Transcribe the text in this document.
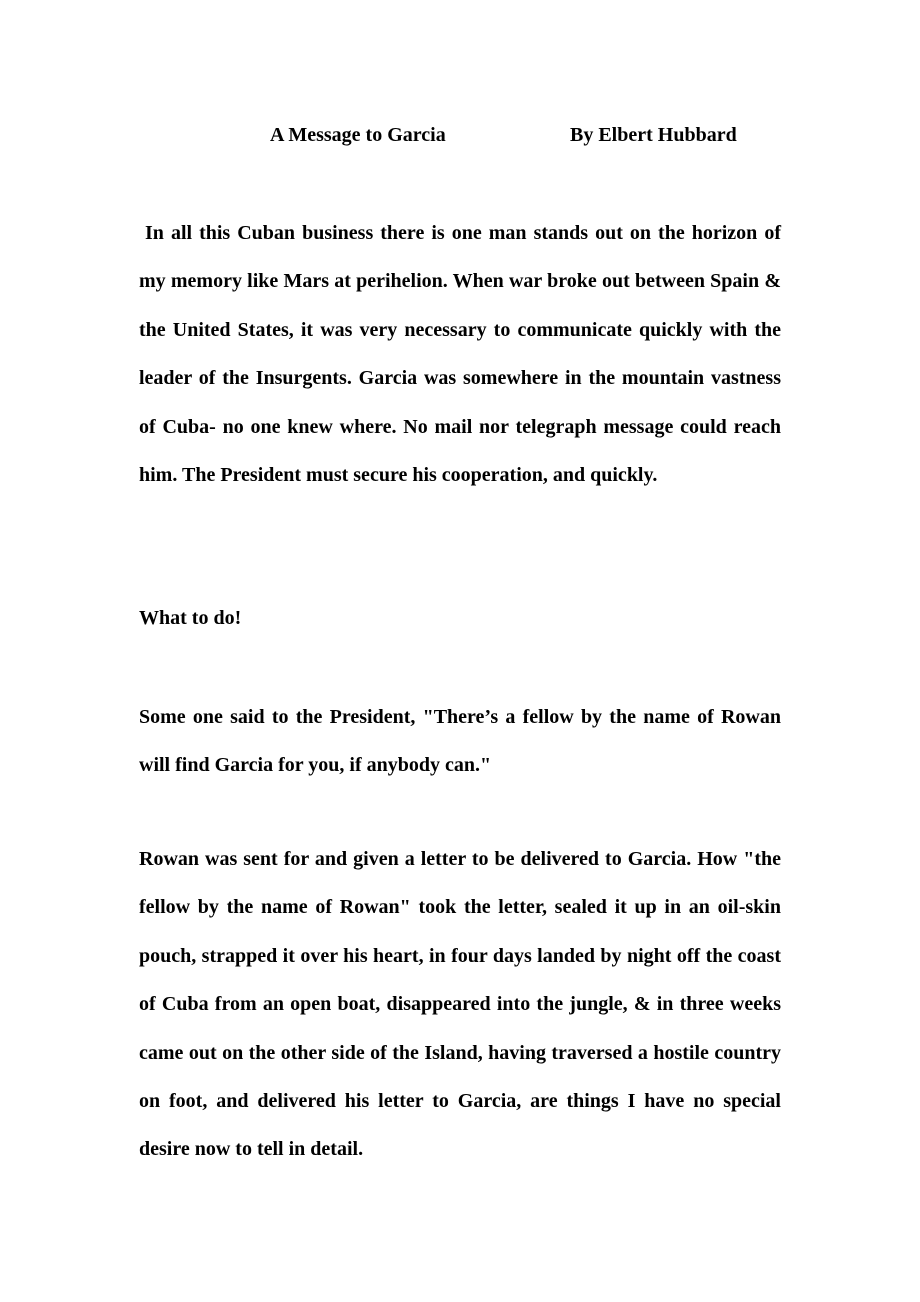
A Message to Garcia	By Elbert Hubbard

In all this Cuban business there is one man stands out on the horizon of my memory like Mars at perihelion. When war broke out between Spain & the United States, it was very necessary to communicate quickly with the leader of the Insurgents. Garcia was somewhere in the mountain vastness of Cuba- no one knew where. No mail nor telegraph message could reach him. The President must secure his cooperation, and quickly.

What to do!

Some one said to the President, "There’s a fellow by the name of Rowan will find Garcia for you, if anybody can."

Rowan was sent for and given a letter to be delivered to Garcia. How "the fellow by the name of Rowan" took the letter, sealed it up in an oil-skin pouch, strapped it over his heart, in four days landed by night off the coast of Cuba from an open boat, disappeared into the jungle, & in three weeks came out on the other side of the Island, having traversed a hostile country on foot, and delivered his letter to Garcia, are things I have no special desire now to tell in detail.
